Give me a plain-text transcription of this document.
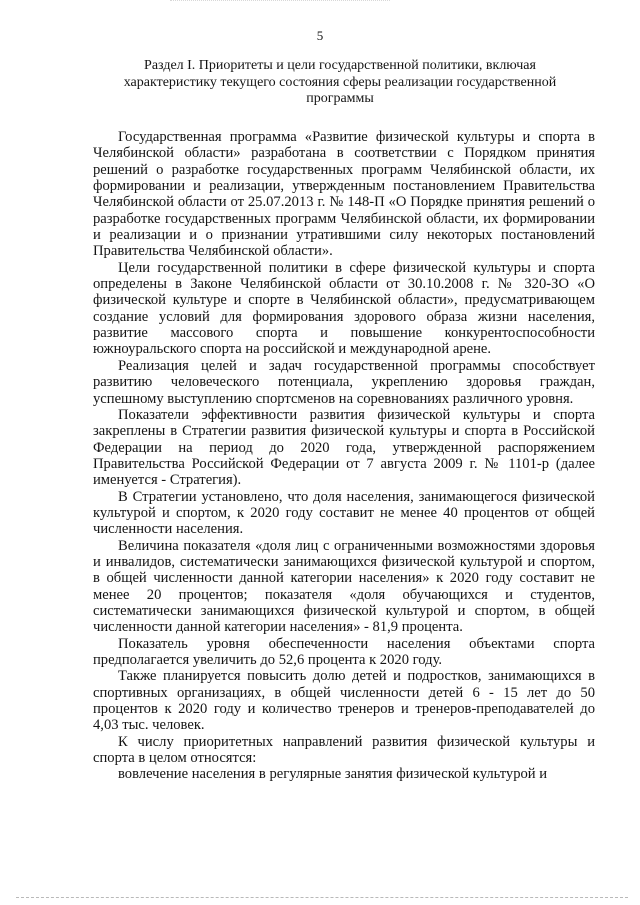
5
Раздел I. Приоритеты и цели государственной политики, включая
характеристику текущего состояния сферы реализации государственной
программы

Государственная программа «Развитие физической культуры и спорта в Челябинской области» разработана в соответствии с Порядком принятия решений о разработке государственных программ Челябинской области, их формировании и реализации, утвержденным постановлением Правительства Челябинской области от 25.07.2013 г. № 148-П «О Порядке принятия решений о разработке государственных программ Челябинской области, их формировании и реализации и о признании утратившими силу некоторых постановлений Правительства Челябинской области».

Цели государственной политики в сфере физической культуры и спорта определены в Законе Челябинской области от 30.10.2008 г. № 320-ЗО «О физической культуре и спорте в Челябинской области», предусматривающем создание условий для формирования здорового образа жизни населения, развитие массового спорта и повышение конкурентоспособности южноуральского спорта на российской и международной арене.

Реализация целей и задач государственной программы способствует развитию человеческого потенциала, укреплению здоровья граждан, успешному выступлению спортсменов на соревнованиях различного уровня.

Показатели эффективности развития физической культуры и спорта закреплены в Стратегии развития физической культуры и спорта в Российской Федерации на период до 2020 года, утвержденной распоряжением Правительства Российской Федерации от 7 августа 2009 г. № 1101-р (далее именуется - Стратегия).

В Стратегии установлено, что доля населения, занимающегося физической культурой и спортом, к 2020 году составит не менее 40 процентов от общей численности населения.

Величина показателя «доля лиц с ограниченными возможностями здоровья и инвалидов, систематически занимающихся физической культурой и спортом, в общей численности данной категории населения» к 2020 году составит не менее 20 процентов; показателя «доля обучающихся и студентов, систематически занимающихся физической культурой и спортом, в общей численности данной категории населения» - 81,9 процента.

Показатель уровня обеспеченности населения объектами спорта предполагается увеличить до 52,6 процента к 2020 году.

Также планируется повысить долю детей и подростков, занимающихся в спортивных организациях, в общей численности детей 6 - 15 лет до 50 процентов к 2020 году и количество тренеров и тренеров-преподавателей до 4,03 тыс. человек.

К числу приоритетных направлений развития физической культуры и спорта в целом относятся:

вовлечение населения в регулярные занятия физической культурой и
